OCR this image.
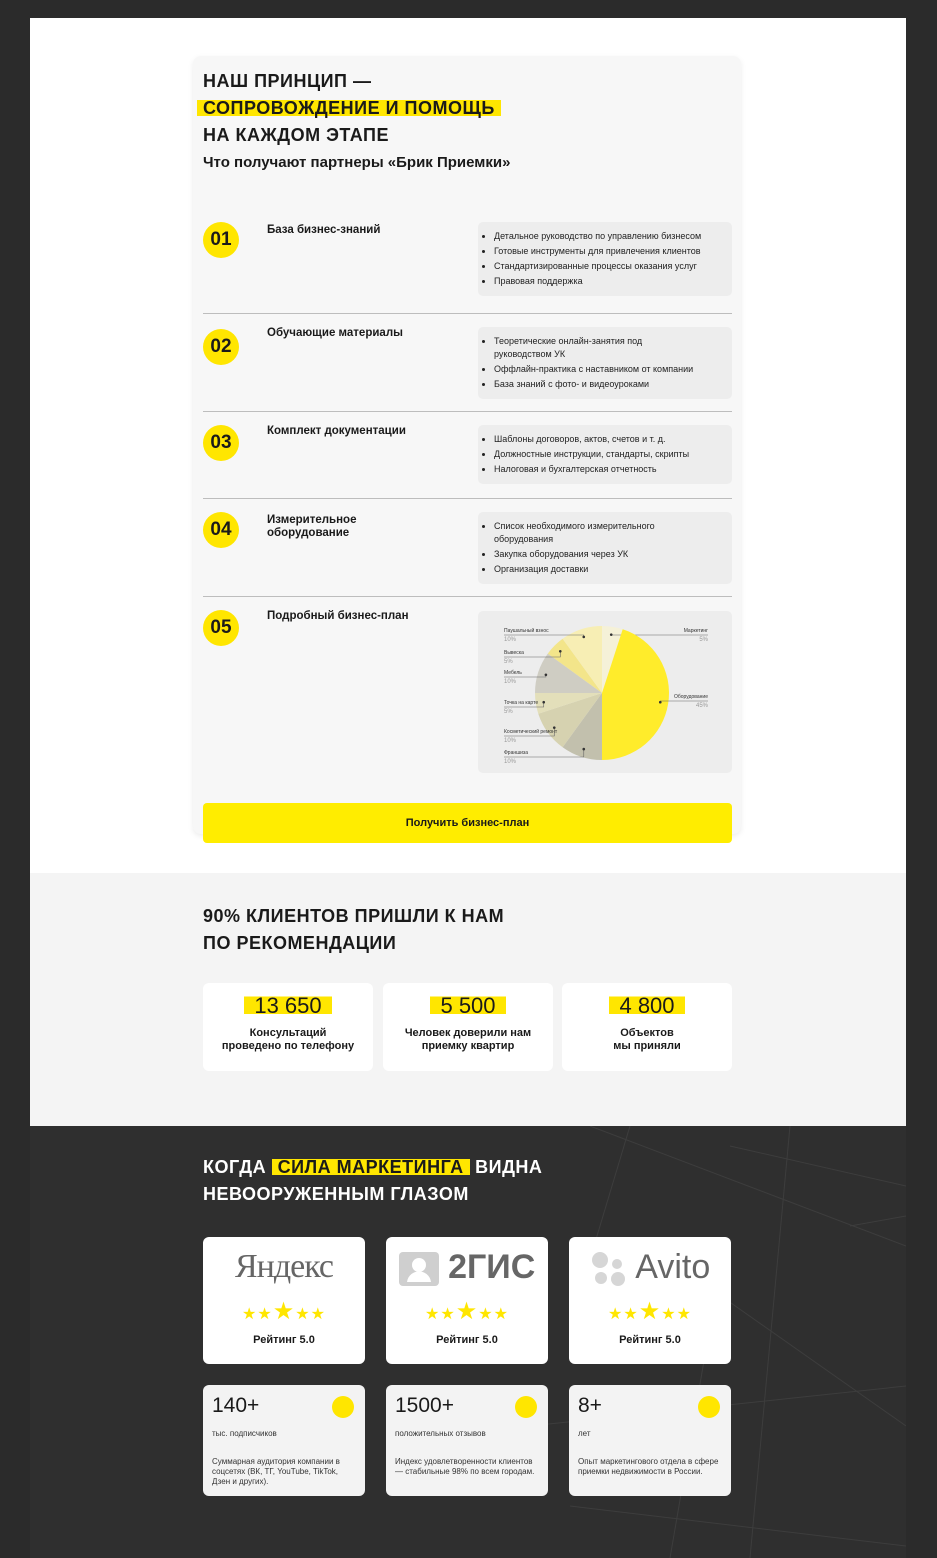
НАШ ПРИНЦИП —
СОПРОВОЖДЕНИЕ И ПОМОЩЬ
НА КАЖДОМ ЭТАПЕ
Что получают партнеры «Брик Приемки»
01	База бизнес-знаний
•	Детальное руководство по управлению бизнесом
• Готовые инструменты для привлечения клиентов
• Стандартизированные процессы оказания услуг
• Правовая поддержка
02
Обучающие материалы
• Теоретические онлайн-занятия под руководством УК
• Оффлайн-практика с наставником от компании
• База знаний с фото- и видеоуроками
03
Комплект документации
• Шаблоны договоров, актов, счетов и т. д.
• Должностные инструкции, стандарты, скрипты
• Налоговая и бухгалтерская отчетность
04	Измерительное оборудование
• Список необходимого измерительного оборудования
• Закупка оборудования через УК
• Организация доставки
05
Подробный бизнес-план
Маркетинг
5%
Оборудование
45%
Франшиза
10%
Косметический ремонт
10%
Точка на карте
5%
Мебель
10%
Вывеска
5%
Паушальный взнос
10%
Получить бизнес-план
90% КЛИЕНТОВ ПРИШЛИ К НАМ
ПО РЕКОМЕНДАЦИИ
13 650
Консультаций
проведено по телефону
5 500
Человек доверили нам
приемку квартир
4 800
Объектов
мы приняли
КОГДА СИЛА МАРКЕТИНГА ВИДНА
НЕВООРУЖЕННЫМ ГЛАЗОМ
Яндекс
★★★★★
Рейтинг 5.0
2ГИС
★★★★★
Рейтинг 5.0
Avito
★★★★★
Рейтинг 5.0
140+
тыс. подписчиков
Суммарная аудитория компании в соцсетях (ВК, ТГ, YouTube, TikTok, Дзен и других).
1500+
положительных отзывов
Индекс удовлетворенности клиентов — стабильные 98% по всем городам.
8+
лет
Опыт маркетингового отдела в сфере приемки недвижимости в России.
